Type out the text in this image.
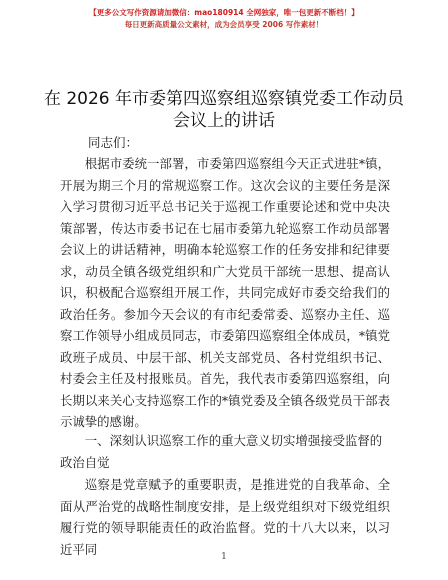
【更多公文写作资源请加微信：mao180914 全网独家，唯一包更新不断档！】
每日更新高质量公文素材，成为会员享受 2006 写作素材！
在 2026 年市委第四巡察组巡察镇党委工作动员会议上的讲话
同志们：

根据市委统一部署，市委第四巡察组今天正式进驻*镇，开展为期三个月的常规巡察工作。这次会议的主要任务是深入学习贯彻习近平总书记关于巡视工作重要论述和党中央决策部署，传达市委书记在七届市委第九轮巡察工作动员部署会议上的讲话精神，明确本轮巡察工作的任务安排和纪律要求，动员全镇各级党组织和广大党员干部统一思想、提高认识，积极配合巡察组开展工作，共同完成好市委交给我们的政治任务。参加今天会议的有市纪委常委、巡察办主任、巡察工作领导小组成员同志，市委第四巡察组全体成员，*镇党政班子成员、中层干部、机关支部党员、各村党组织书记、村委会主任及村报账员。首先，我代表市委第四巡察组，向长期以来关心支持巡察工作的*镇党委及全镇各级党员干部表示诚挚的感谢。

一、深刻认识巡察工作的重大意义切实增强接受监督的政治自觉

巡察是党章赋予的重要职责，是推进党的自我革命、全面从严治党的战略性制度安排，是上级党组织对下级党组织履行党的领导职能责任的政治监督。党的十八大以来，以习近平同

1
